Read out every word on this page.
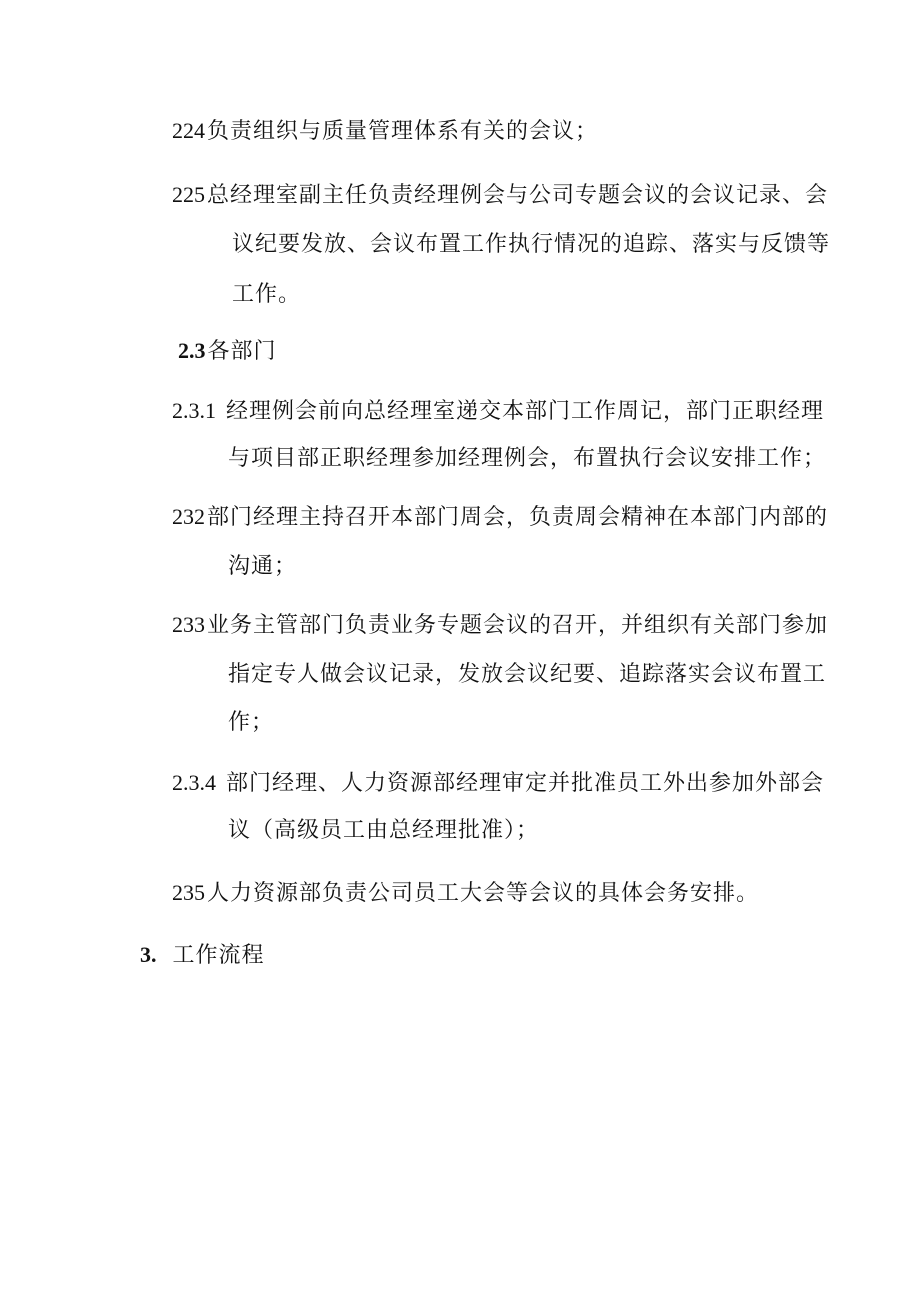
224负责组织与质量管理体系有关的会议；
225总经理室副主任负责经理例会与公司专题会议的会议记录、会
议纪要发放、会议布置工作执行情况的追踪、落实与反馈等
工作。
2.3各部门
2.3.1 经理例会前向总经理室递交本部门工作周记，部门正职经理
与项目部正职经理参加经理例会，布置执行会议安排工作；
232部门经理主持召开本部门周会，负责周会精神在本部门内部的
沟通；
233业务主管部门负责业务专题会议的召开，并组织有关部门参加
指定专人做会议记录，发放会议纪要、追踪落实会议布置工
作；
2.3.4 部门经理、人力资源部经理审定并批准员工外出参加外部会
议（高级员工由总经理批准）；
235人力资源部负责公司员工大会等会议的具体会务安排。
3. 工作流程
